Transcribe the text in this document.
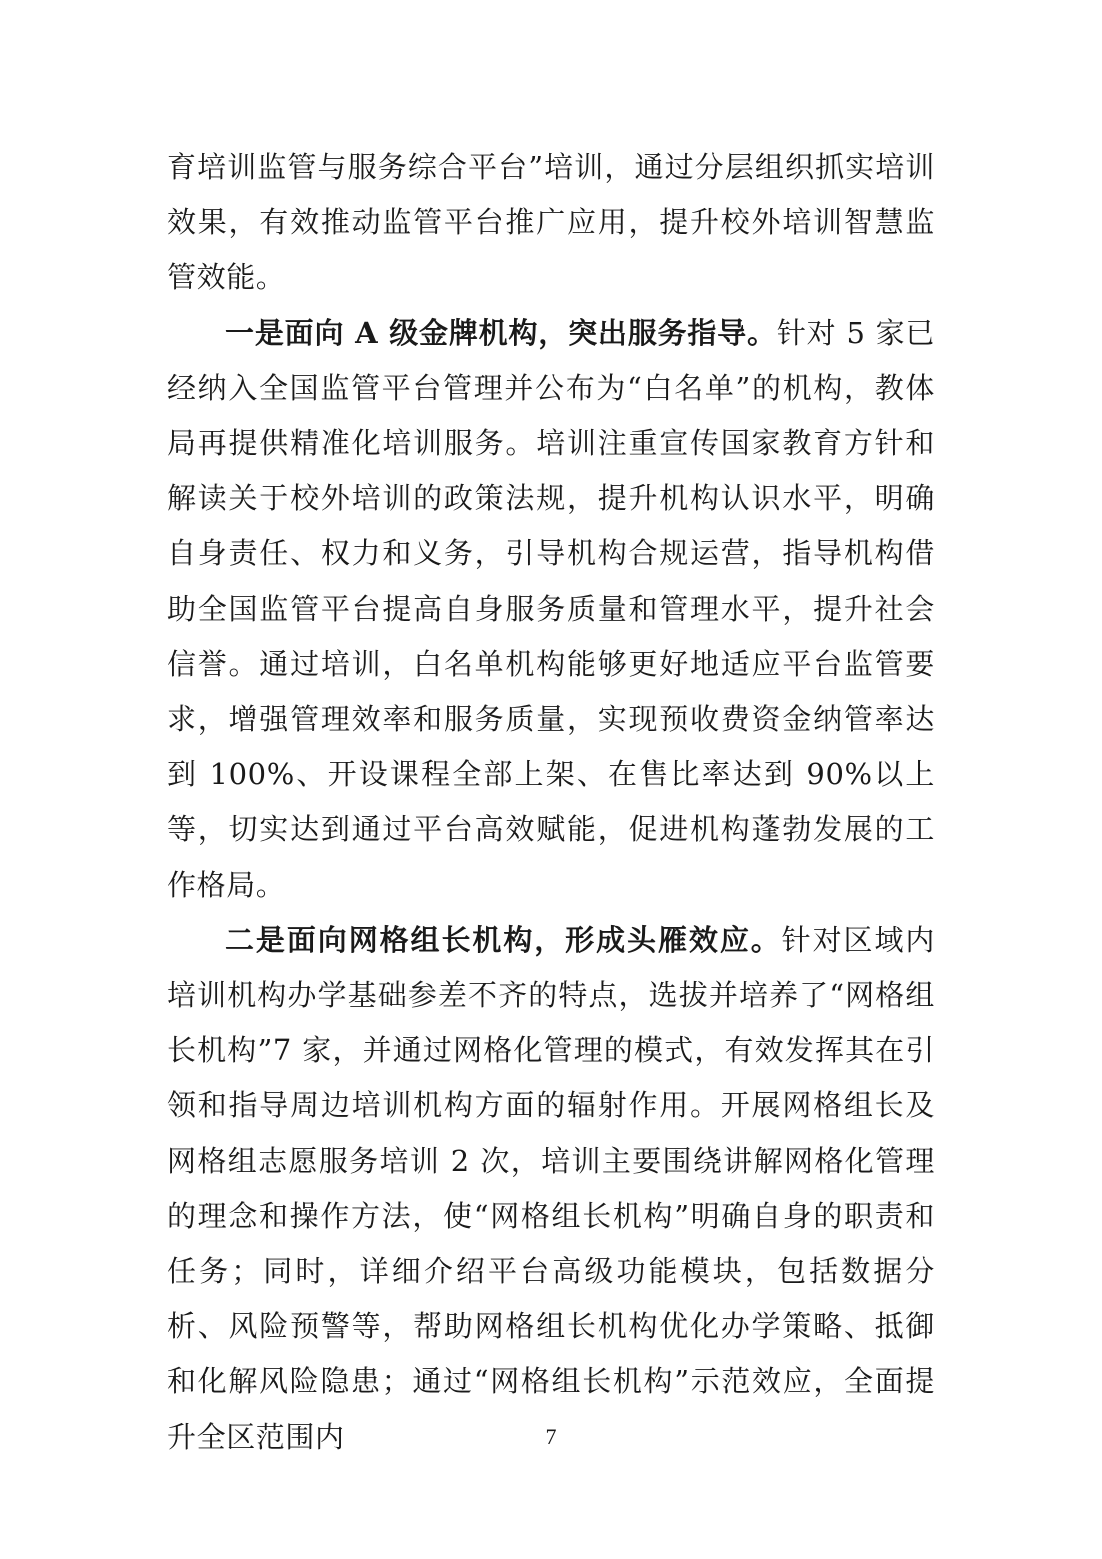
育培训监管与服务综合平台”培训，通过分层组织抓实培训效果，有效推动监管平台推广应用，提升校外培训智慧监管效能。

一是面向 A 级金牌机构，突出服务指导。针对 5 家已经纳入全国监管平台管理并公布为“白名单”的机构，教体局再提供精准化培训服务。培训注重宣传国家教育方针和解读关于校外培训的政策法规，提升机构认识水平，明确自身责任、权力和义务，引导机构合规运营，指导机构借助全国监管平台提高自身服务质量和管理水平，提升社会信誉。通过培训，白名单机构能够更好地适应平台监管要求，增强管理效率和服务质量，实现预收费资金纳管率达到 100%、开设课程全部上架、在售比率达到 90%以上等，切实达到通过平台高效赋能，促进机构蓬勃发展的工作格局。

二是面向网格组长机构，形成头雁效应。针对区域内培训机构办学基础参差不齐的特点，选拔并培养了“网格组长机构”7 家，并通过网格化管理的模式，有效发挥其在引领和指导周边培训机构方面的辐射作用。开展网格组长及网格组志愿服务培训 2 次，培训主要围绕讲解网格化管理的理念和操作方法，使“网格组长机构”明确自身的职责和任务；同时，详细介绍平台高级功能模块，包括数据分析、风险预警等，帮助网格组长机构优化办学策略、抵御和化解风险隐患；通过“网格组长机构”示范效应，全面提升全区范围内	7
